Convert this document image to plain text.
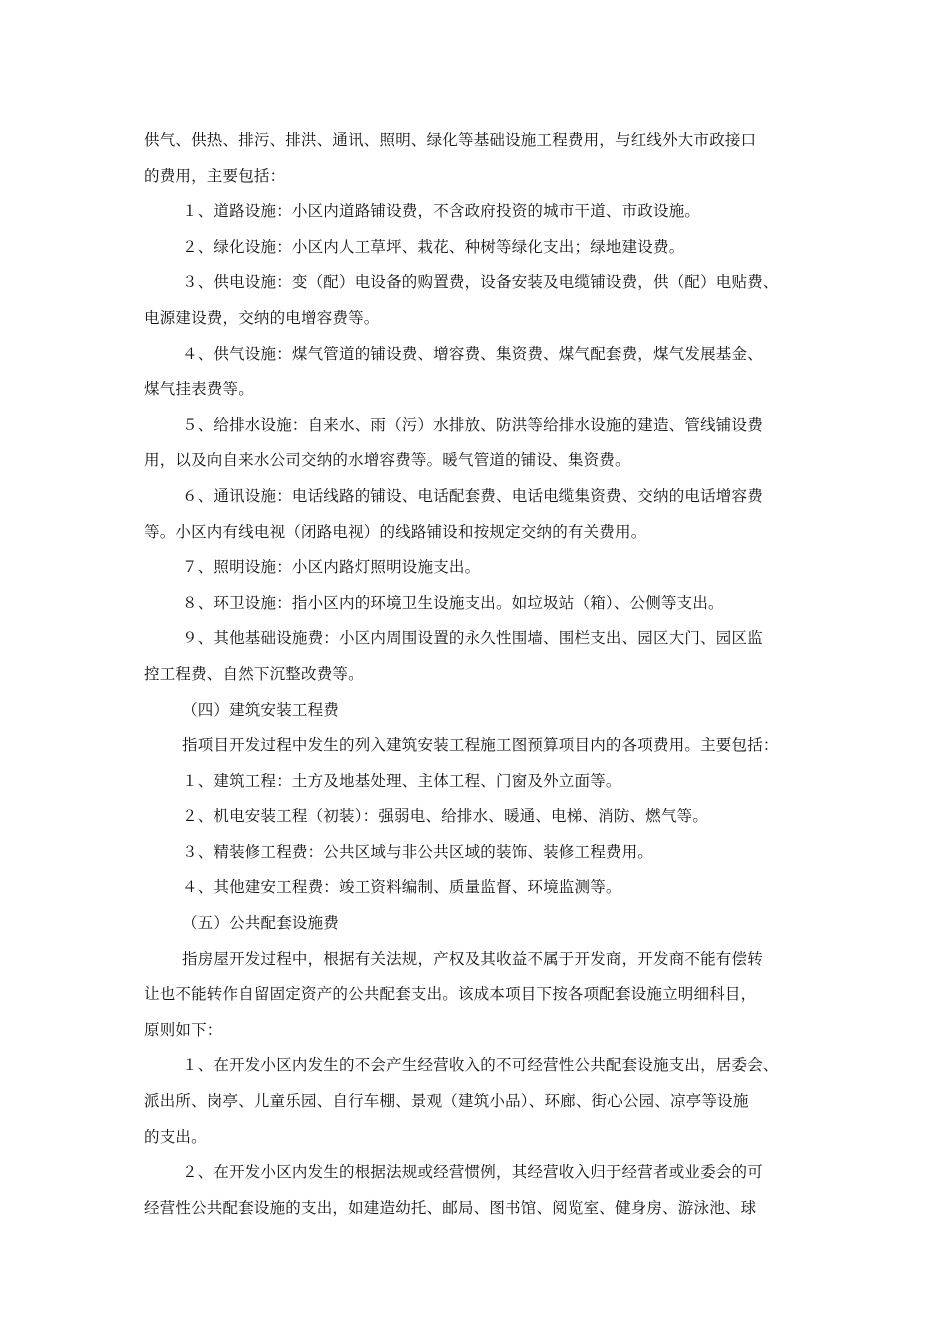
供气、供热、排污、排洪、通讯、照明、绿化等基础设施工程费用，与红线外大市政接口
的费用，主要包括：
１、道路设施：小区内道路铺设费，不含政府投资的城市干道、市政设施。
２、绿化设施：小区内人工草坪、栽花、种树等绿化支出；绿地建设费。
３、供电设施：变（配）电设备的购置费，设备安装及电缆铺设费，供（配）电贴费、
电源建设费，交纳的电增容费等。
４、供气设施：煤气管道的铺设费、增容费、集资费、煤气配套费，煤气发展基金、
煤气挂表费等。
５、给排水设施：自来水、雨（污）水排放、防洪等给排水设施的建造、管线铺设费
用，以及向自来水公司交纳的水增容费等。暖气管道的铺设、集资费。
６、通讯设施：电话线路的铺设、电话配套费、电话电缆集资费、交纳的电话增容费
等。小区内有线电视（闭路电视）的线路铺设和按规定交纳的有关费用。
７、照明设施：小区内路灯照明设施支出。
８、环卫设施：指小区内的环境卫生设施支出。如垃圾站（箱）、公侧等支出。
９、其他基础设施费：小区内周围设置的永久性围墙、围栏支出、园区大门、园区监
控工程费、自然下沉整改费等。
（四）建筑安装工程费
指项目开发过程中发生的列入建筑安装工程施工图预算项目内的各项费用。主要包括：
１、建筑工程：土方及地基处理、主体工程、门窗及外立面等。
２、机电安装工程（初装）：强弱电、给排水、暖通、电梯、消防、燃气等。
３、精装修工程费：公共区域与非公共区域的装饰、装修工程费用。
４、其他建安工程费：竣工资料编制、质量监督、环境监测等。
（五）公共配套设施费
指房屋开发过程中，根据有关法规，产权及其收益不属于开发商，开发商不能有偿转
让也不能转作自留固定资产的公共配套支出。该成本项目下按各项配套设施立明细科目，
原则如下：
１、在开发小区内发生的不会产生经营收入的不可经营性公共配套设施支出，居委会、
派出所、岗亭、儿童乐园、自行车棚、景观（建筑小品）、环廊、街心公园、凉亭等设施
的支出。
２、在开发小区内发生的根据法规或经营惯例，其经营收入归于经营者或业委会的可
经营性公共配套设施的支出，如建造幼托、邮局、图书馆、阅览室、健身房、游泳池、球
